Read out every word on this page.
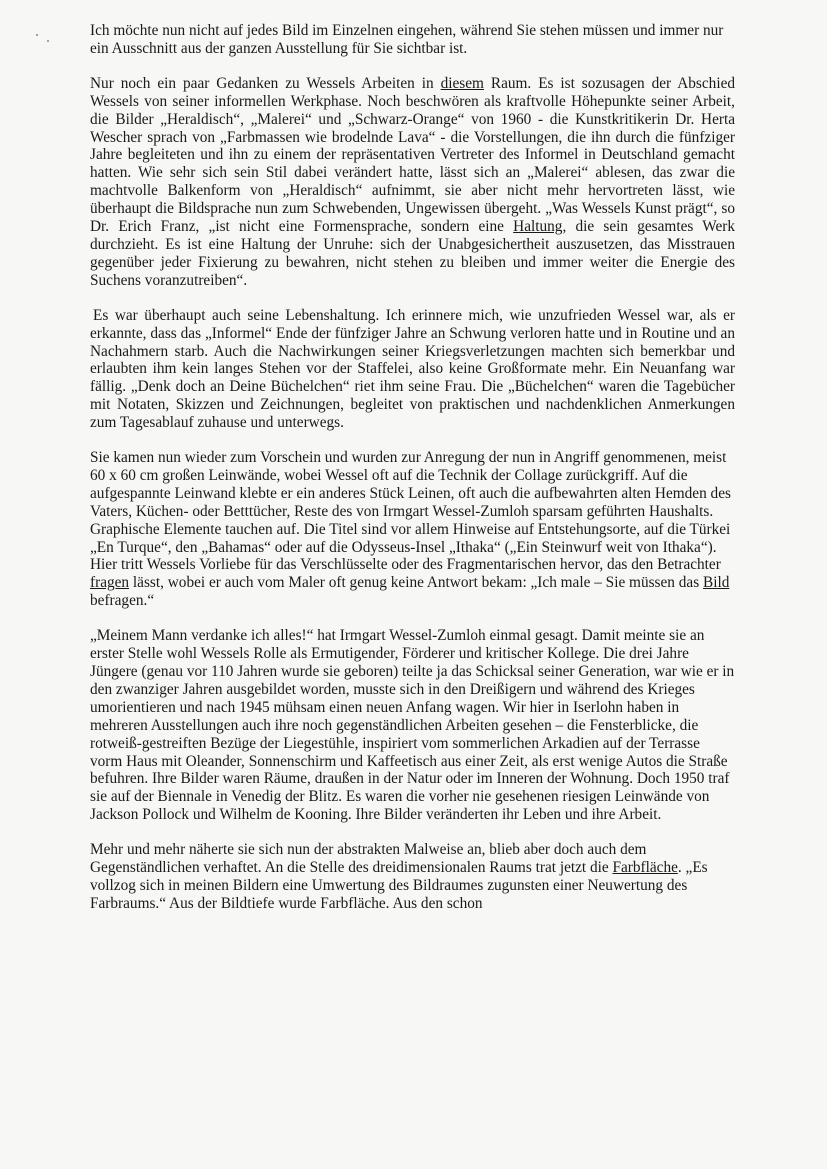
Ich möchte nun nicht auf jedes Bild im Einzelnen eingehen, während Sie stehen müssen und immer nur ein Ausschnitt aus der ganzen Ausstellung für Sie sichtbar ist.

Nur noch ein paar Gedanken zu Wessels Arbeiten in diesem Raum. Es ist sozusagen der Abschied Wessels von seiner informellen Werkphase. Noch beschwören als kraftvolle Höhepunkte seiner Arbeit, die Bilder „Heraldisch“, „Malerei“ und „Schwarz-Orange“ von 1960 - die Kunstkritikerin Dr. Herta Wescher sprach von „Farbmassen wie brodelnde Lava“ - die Vorstellungen, die ihn durch die fünfziger Jahre begleiteten und ihn zu einem der repräsentativen Vertreter des Informel in Deutschland gemacht hatten. Wie sehr sich sein Stil dabei verändert hatte, lässt sich an „Malerei“ ablesen, das zwar die machtvolle Balkenform von „Heraldisch“ aufnimmt, sie aber nicht mehr hervortreten lässt, wie überhaupt die Bildsprache nun zum Schwebenden, Ungewissen übergeht. „Was Wessels Kunst prägt“, so Dr. Erich Franz, „ist nicht eine Formensprache, sondern eine Haltung, die sein gesamtes Werk durchzieht. Es ist eine Haltung der Unruhe: sich der Unabgesichertheit auszusetzen, das Misstrauen gegenüber jeder Fixierung zu bewahren, nicht stehen zu bleiben und immer weiter die Energie des Suchens voranzutreiben“.

Es war überhaupt auch seine Lebenshaltung. Ich erinnere mich, wie unzufrieden Wessel war, als er erkannte, dass das „Informel“ Ende der fünfziger Jahre an Schwung verloren hatte und in Routine und an Nachahmern starb. Auch die Nachwirkungen seiner Kriegsverletzungen machten sich bemerkbar und erlaubten ihm kein langes Stehen vor der Staffelei, also keine Großformate mehr. Ein Neuanfang war fällig. „Denk doch an Deine Büchelchen“ riet ihm seine Frau. Die „Büchelchen“ waren die Tagebücher mit Notaten, Skizzen und Zeichnungen, begleitet von praktischen und nachdenklichen Anmerkungen zum Tagesablauf zuhause und unterwegs.

Sie kamen nun wieder zum Vorschein und wurden zur Anregung der nun in Angriff genommenen, meist 60 x 60 cm großen Leinwände, wobei Wessel oft auf die Technik der Collage zurückgriff. Auf die aufgespannte Leinwand klebte er ein anderes Stück Leinen, oft auch die aufbewahrten alten Hemden des Vaters, Küchen- oder Betttücher, Reste des von Irmgart Wessel-Zumloh sparsam geführten Haushalts. Graphische Elemente tauchen auf. Die Titel sind vor allem Hinweise auf Entstehungsorte, auf die Türkei „En Turque“, den „Bahamas“ oder auf die Odysseus-Insel „Ithaka“ („Ein Steinwurf weit von Ithaka“). Hier tritt Wessels Vorliebe für das Verschlüsselte oder des Fragmentarischen hervor, das den Betrachter fragen lässt, wobei er auch vom Maler oft genug keine Antwort bekam: „Ich male – Sie müssen das Bild befragen.“

„Meinem Mann verdanke ich alles!“ hat Irmgart Wessel-Zumloh einmal gesagt. Damit meinte sie an erster Stelle wohl Wessels Rolle als Ermutigender, Förderer und kritischer Kollege. Die drei Jahre Jüngere (genau vor 110 Jahren wurde sie geboren) teilte ja das Schicksal seiner Generation, war wie er in den zwanziger Jahren ausgebildet worden, musste sich in den Dreißigern und während des Krieges umorientieren und nach 1945 mühsam einen neuen Anfang wagen. Wir hier in Iserlohn haben in mehreren Ausstellungen auch ihre noch gegenständlichen Arbeiten gesehen – die Fensterblicke, die rotweiß-gestreiften Bezüge der Liegestühle, inspiriert vom sommerlichen Arkadien auf der Terrasse vorm Haus mit Oleander, Sonnenschirm und Kaffeetisch aus einer Zeit, als erst wenige Autos die Straße befuhren. Ihre Bilder waren Räume, draußen in der Natur oder im Inneren der Wohnung. Doch 1950 traf sie auf der Biennale in Venedig der Blitz. Es waren die vorher nie gesehenen riesigen Leinwände von Jackson Pollock und Wilhelm de Kooning. Ihre Bilder veränderten ihr Leben und ihre Arbeit.

Mehr und mehr näherte sie sich nun der abstrakten Malweise an, blieb aber doch auch dem Gegenständlichen verhaftet. An die Stelle des dreidimensionalen Raums trat jetzt die Farbfläche. „Es vollzog sich in meinen Bildern eine Umwertung des Bildraumes zugunsten einer Neuwertung des Farbraums.“ Aus der Bildtiefe wurde Farbfläche. Aus den schon
